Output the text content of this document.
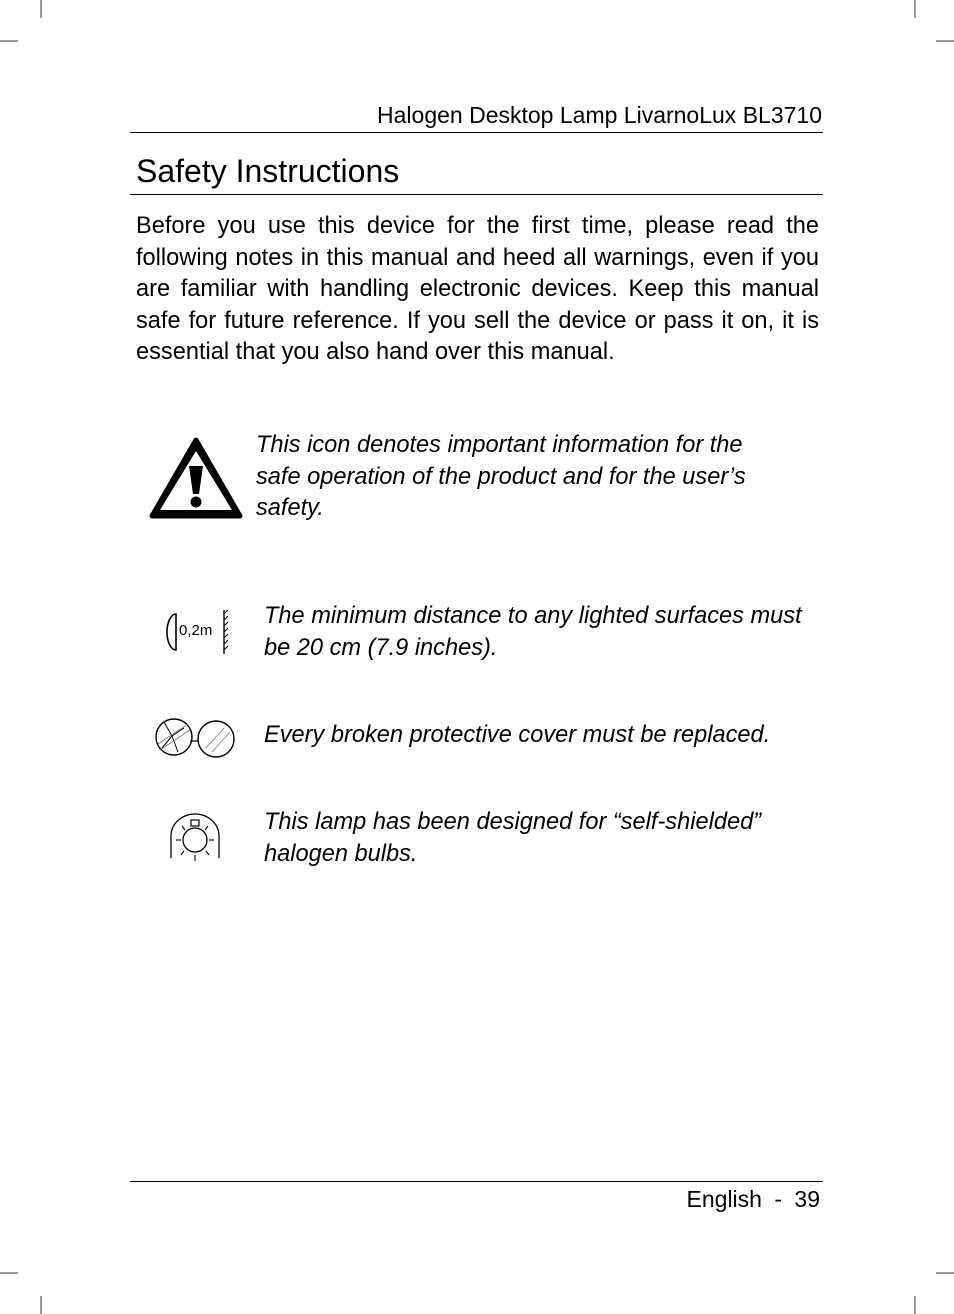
Halogen Desktop Lamp LivarnoLux BL3710
Safety Instructions

Before you use this device for the first time, please read the following notes in this manual and heed all warnings, even if you are familiar with handling electronic devices. Keep this manual safe for future reference. If you sell the device or pass it on, it is essential that you also hand over this manual.

This icon denotes important information for the safe operation of the product and for the user’s safety.

0,2m

The minimum distance to any lighted surfaces must be 20 cm (7.9 inches).

Every broken protective cover must be replaced.

This lamp has been designed for “self-shielded” halogen bulbs.

English - 39
